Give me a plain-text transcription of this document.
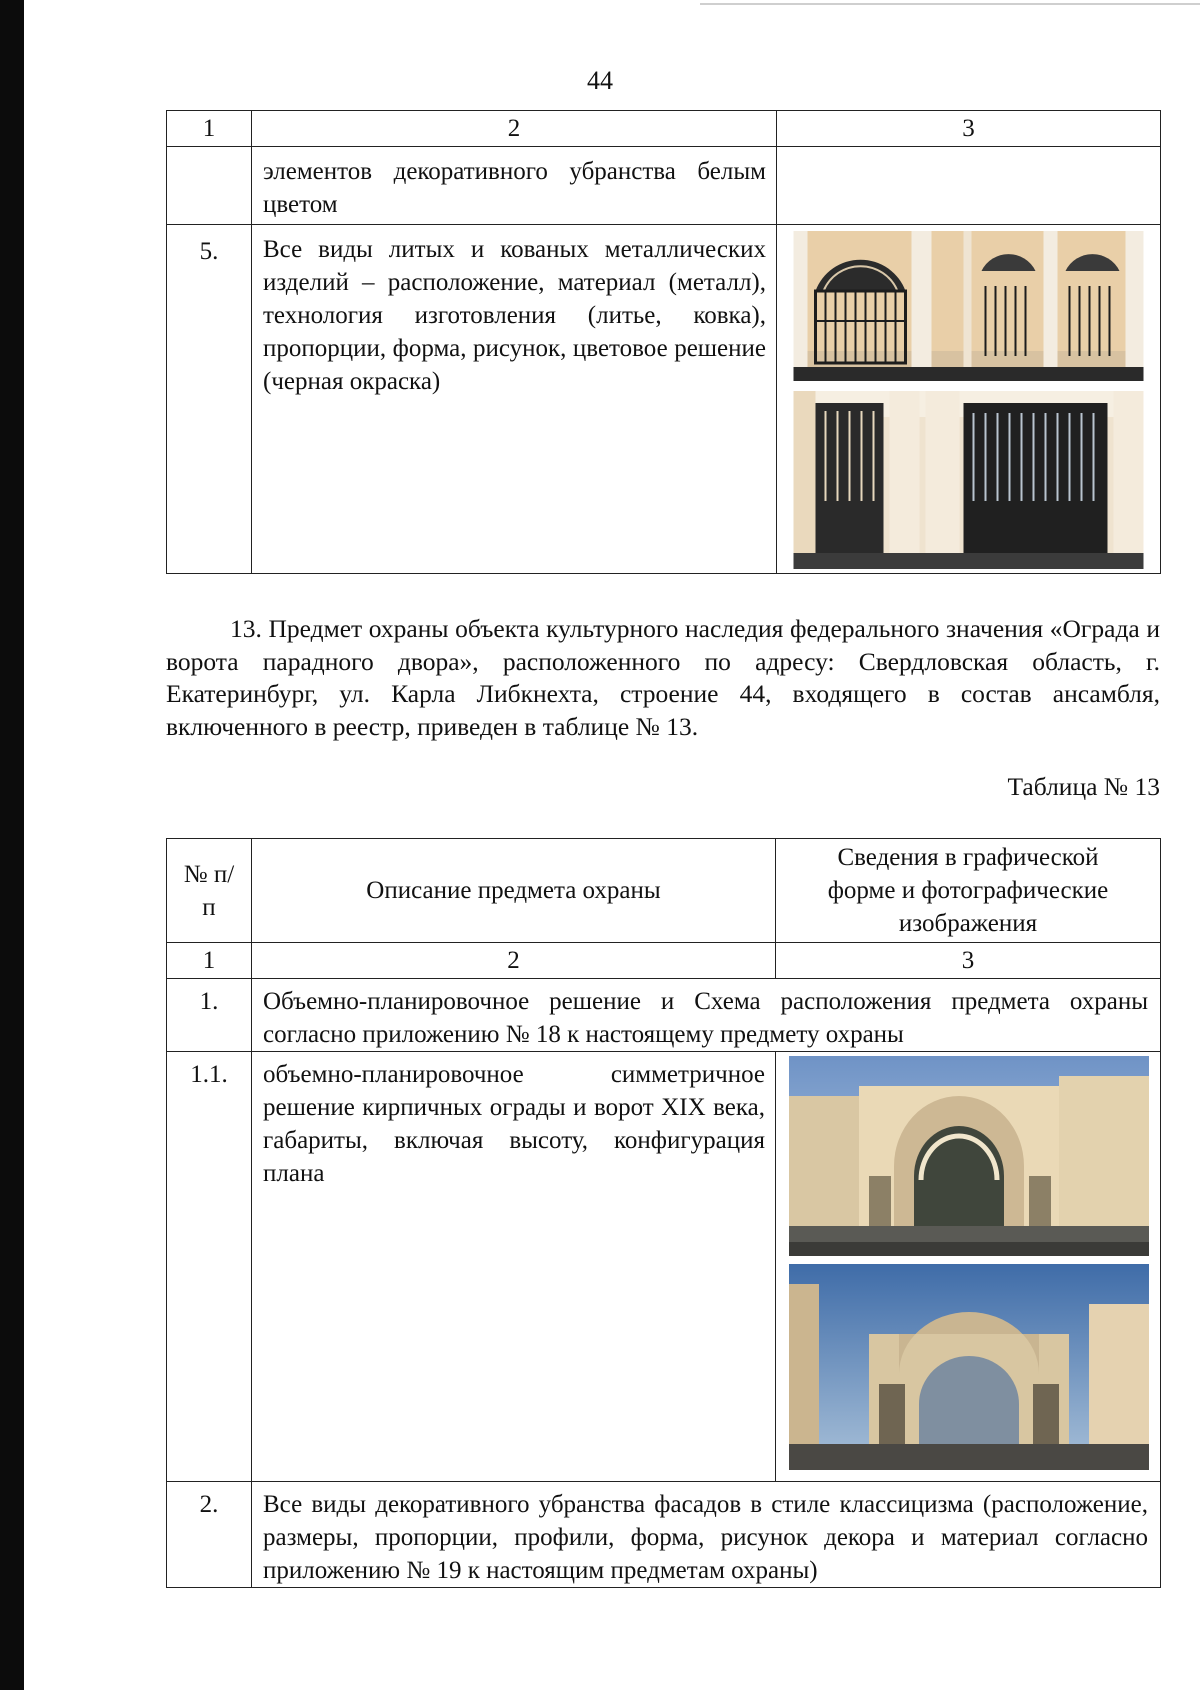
44
1	2	3
	элементов декоративного убранства белым цветом	
5.	Все виды литых и кованых металлических изделий – расположение, материал (металл), технология изготовления (литье, ковка), пропорции, форма, рисунок, цветовое решение (черная окраска)	
13. Предмет охраны объекта культурного наследия федерального значения «Ограда и ворота парадного двора», расположенного по адресу: Свердловская область, г. Екатеринбург, ул. Карла Либкнехта, строение 44, входящего в состав ансамбля, включенного в реестр, приведен в таблице № 13.
Таблица № 13
№ п/п	Описание предмета охраны	Сведения в графической форме и фотографические изображения
1	2	3
1.	Объемно-планировочное решение и Схема расположения предмета охраны согласно приложению № 18 к настоящему предмету охраны	
1.1.	объемно-планировочное симметричное решение кирпичных ограды и ворот XIX века, габариты, включая высоту, конфигурация плана	

2.	Все виды декоративного убранства фасадов в стиле классицизма (расположение, размеры, пропорции, профили, форма, рисунок декора и материал согласно приложению № 19 к настоящим предметам охраны)	
